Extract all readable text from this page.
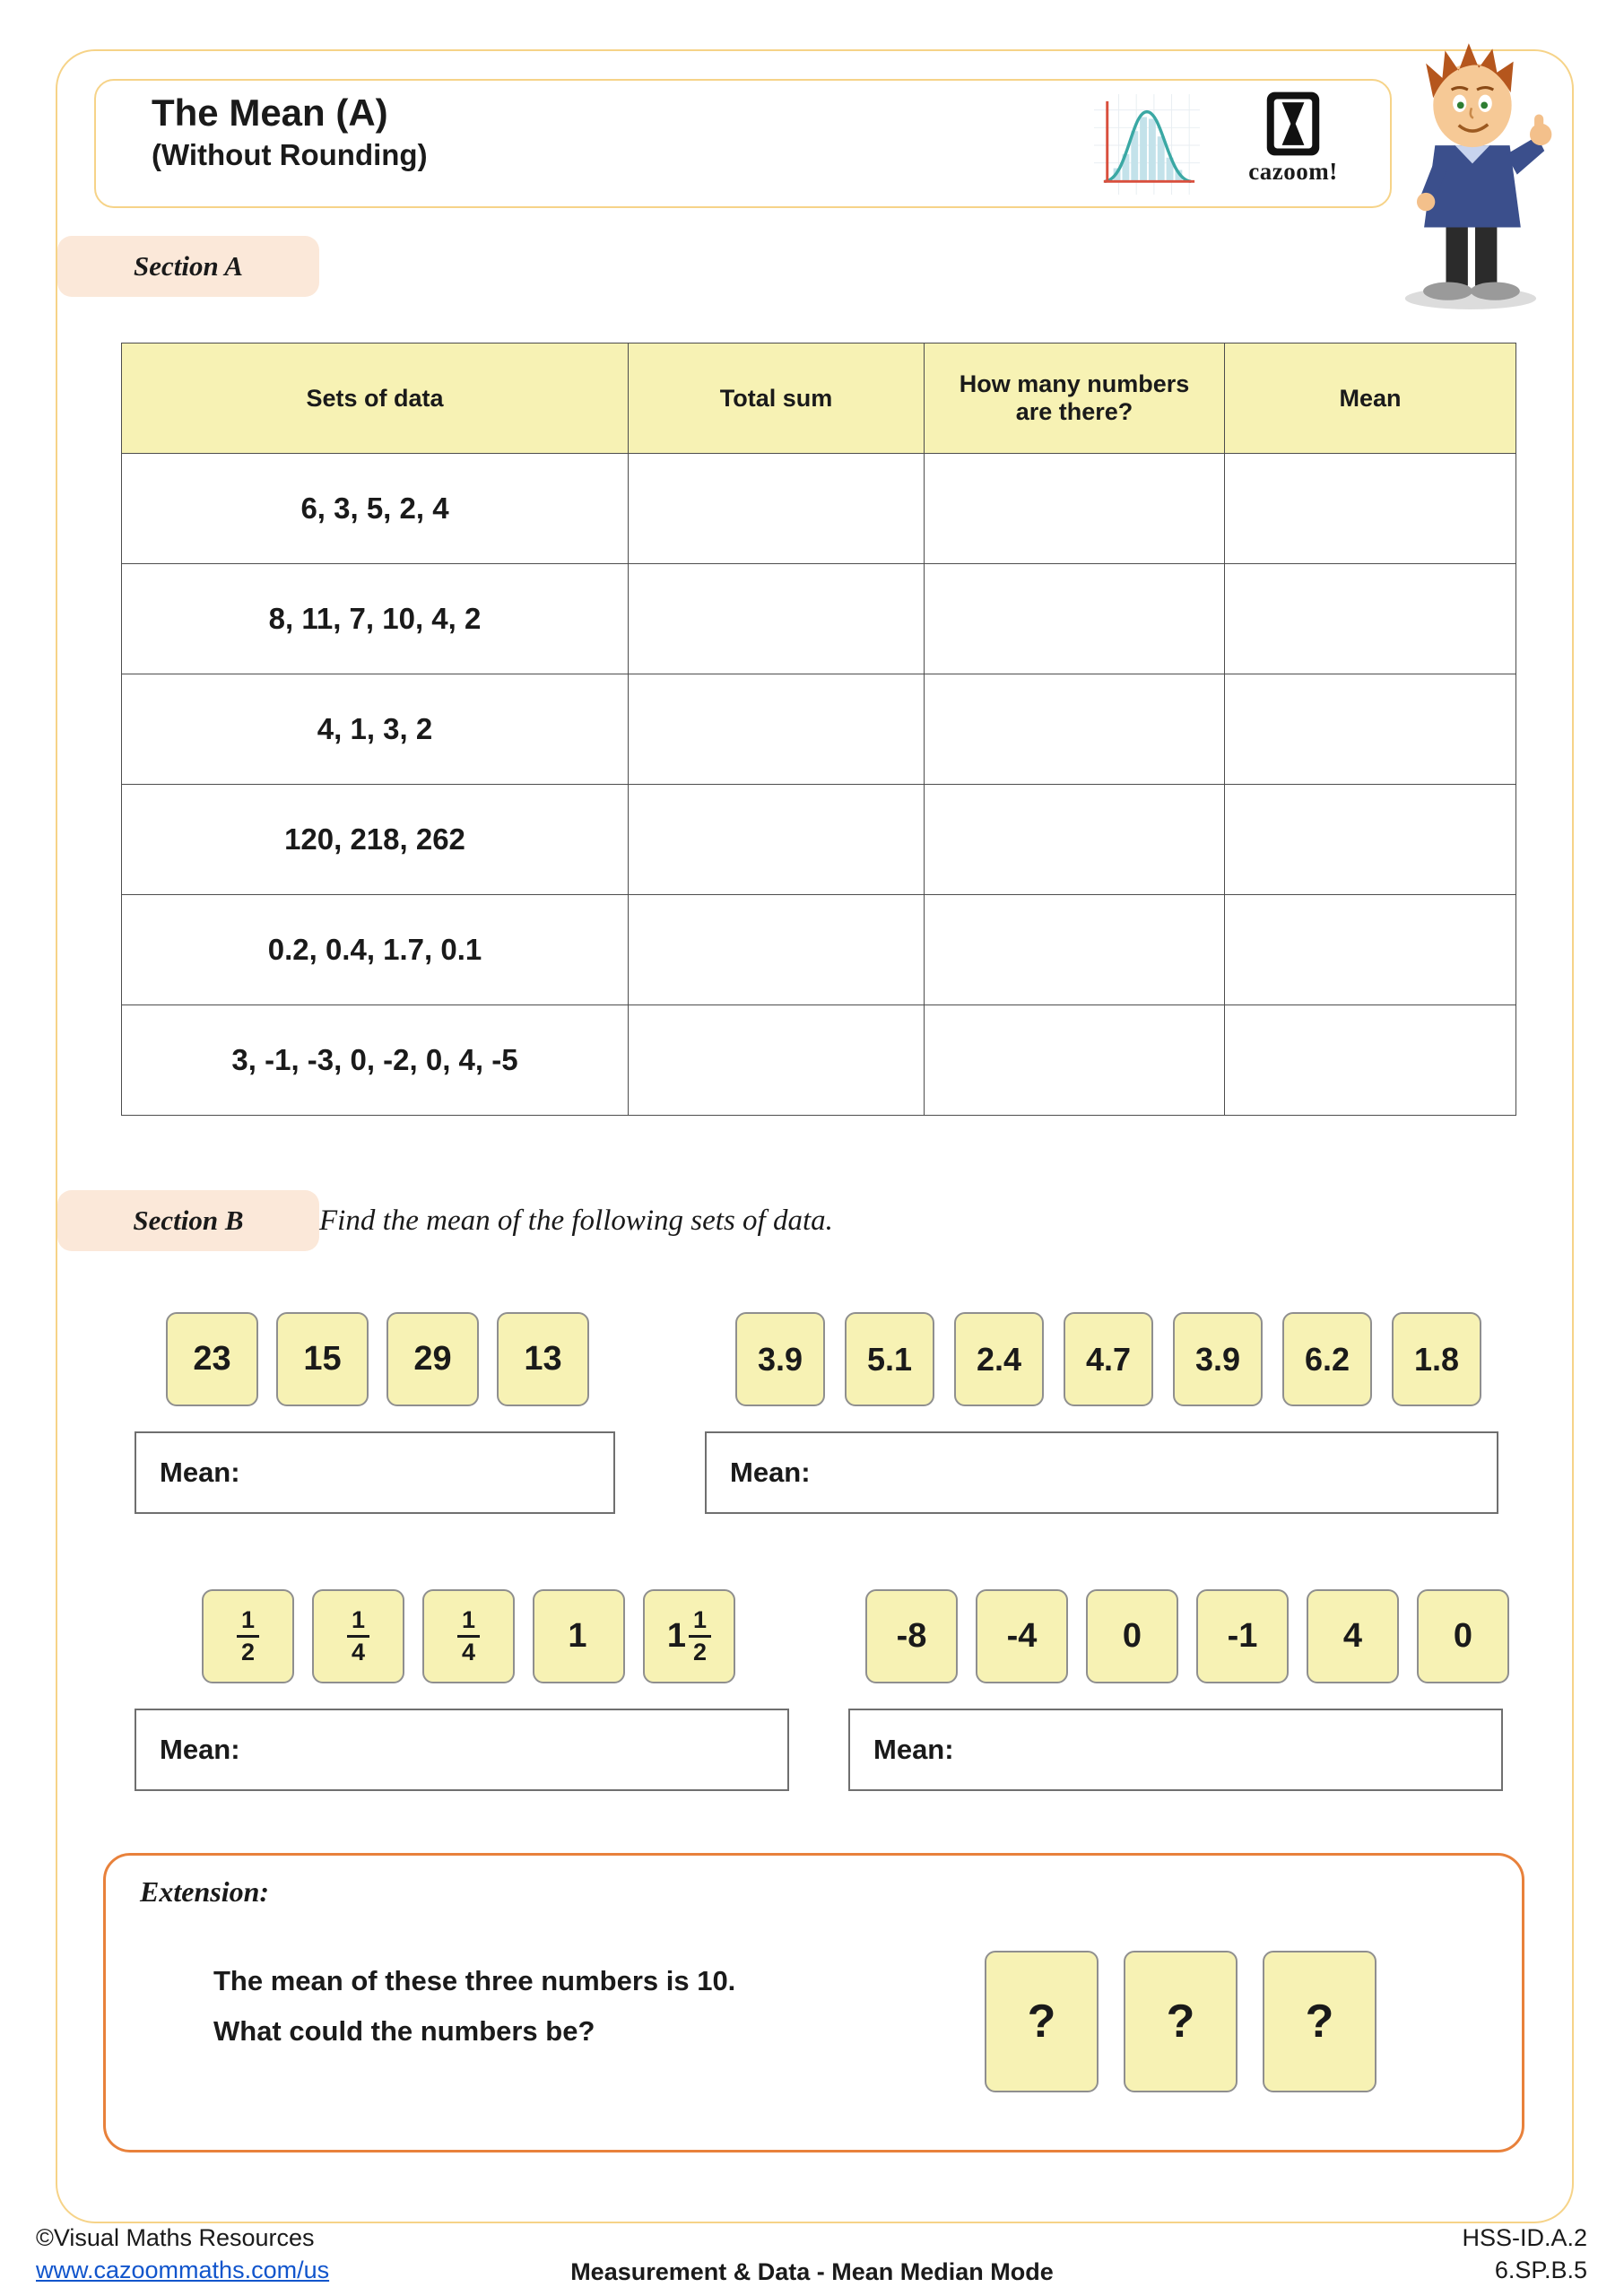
The Mean (A)
(Without Rounding)	cazoom!
Section A
Sets of data	Total sum	How many numbers are there?	Mean
6, 3, 5, 2, 4			
8, 11, 7, 10, 4, 2			
4, 1, 3, 2			
120, 218, 262			
0.2, 0.4, 1.7, 0.1			
3, -1, -3, 0, -2, 0, 4, -5			
Section B	Find the mean of the following sets of data.
23	15	29	13	3.9	5.1	2.4	4.7	3.9	6.2	1.8
Mean:	Mean:
$\frac{1}{2}$	$\frac{1}{4}$	$\frac{1}{4}$	1 $1 \frac{1}{2}$	-8	-4	0	-1	4	0
Mean:	Mean:
Extension:
The mean of these three numbers is 10.
What could the numbers be?	?	?	?
©Visual Maths Resources
www.cazoommaths.com/us	Measurement & Data - Mean Median Mode
HSS-ID.A.2
6.SP.B.5
